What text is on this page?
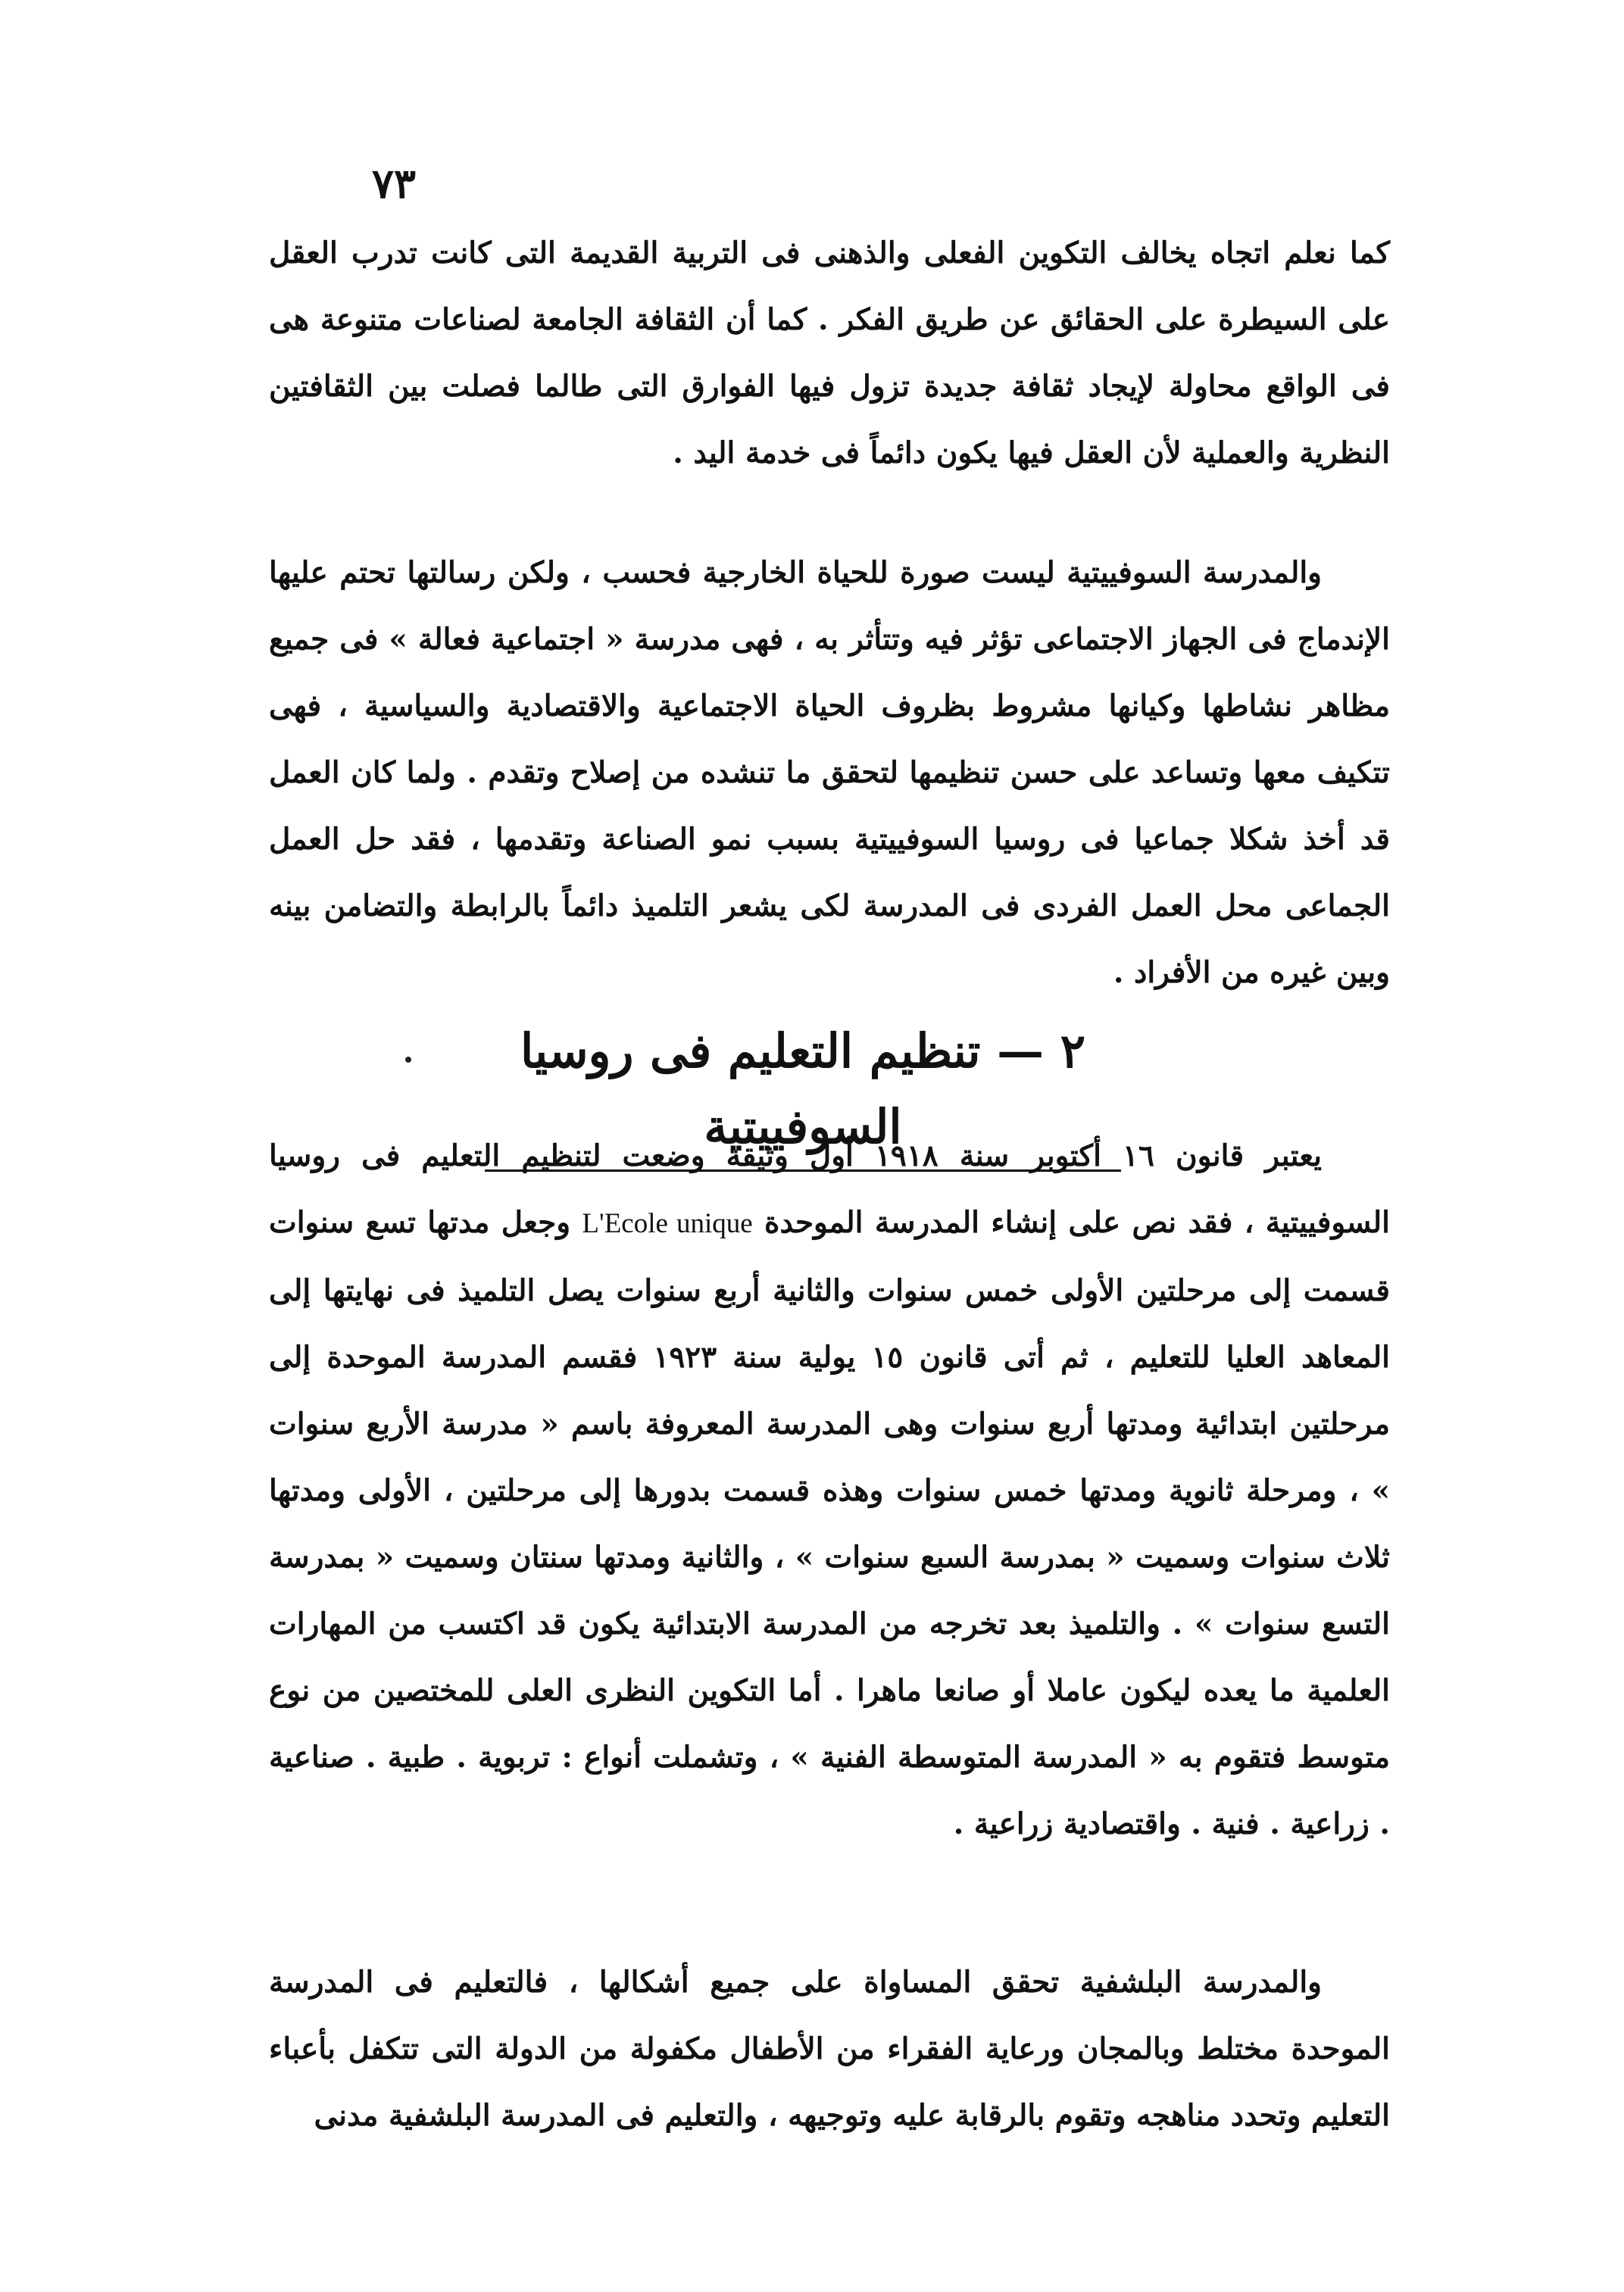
٧٣

كما نعلم اتجاه يخالف التكوين الفعلى والذهنى فى التربية القديمة التى كانت تدرب العقل على السيطرة على الحقائق عن طريق الفكر . كما أن الثقافة الجامعة لصناعات متنوعة هى فى الواقع محاولة لإيجاد ثقافة جديدة تزول فيها الفوارق التى طالما فصلت بين الثقافتين النظرية والعملية لأن العقل فيها يكون دائماً فى خدمة اليد .

والمدرسة السوفييتية ليست صورة للحياة الخارجية فحسب ، ولكن رسالتها تحتم عليها الإندماج فى الجهاز الاجتماعى تؤثر فيه وتتأثر به ، فهى مدرسة « اجتماعية فعالة » فى جميع مظاهر نشاطها وكيانها مشروط بظروف الحياة الاجتماعية والاقتصادية والسياسية ، فهى تتكيف معها وتساعد على حسن تنظيمها لتحقق ما تنشده من إصلاح وتقدم . ولما كان العمل قد أخذ شكلا جماعيا فى روسيا السوفييتية بسبب نمو الصناعة وتقدمها ، فقد حل العمل الجماعى محل العمل الفردى فى المدرسة لكى يشعر التلميذ دائماً بالرابطة والتضامن بينه وبين غيره من الأفراد .

٢ — تنظيم التعليم فى روسيا السوفييتية

يعتبر قانون ١٦ أكتوبر سنة ١٩١٨ أول وثيقة وضعت لتنظيم التعليم فى روسيا السوفييتية ، فقد نص على إنشاء المدرسة الموحدة L'Ecole unique وجعل مدتها تسع سنوات قسمت إلى مرحلتين الأولى خمس سنوات والثانية أربع سنوات يصل التلميذ فى نهايتها إلى المعاهد العليا للتعليم ، ثم أتى قانون ١٥ يولية سنة ١٩٢٣ فقسم المدرسة الموحدة إلى مرحلتين ابتدائية ومدتها أربع سنوات وهى المدرسة المعروفة باسم « مدرسة الأربع سنوات » ، ومرحلة ثانوية ومدتها خمس سنوات وهذه قسمت بدورها إلى مرحلتين ، الأولى ومدتها ثلاث سنوات وسميت « بمدرسة السبع سنوات » ، والثانية ومدتها سنتان وسميت « بمدرسة التسع سنوات » . والتلميذ بعد تخرجه من المدرسة الابتدائية يكون قد اكتسب من المهارات العلمية ما يعده ليكون عاملا أو صانعا ماهرا . أما التكوين النظرى العلى للمختصين من نوع متوسط فتقوم به « المدرسة المتوسطة الفنية » ، وتشملت أنواع : تربوية . طبية . صناعية . زراعية . فنية . واقتصادية زراعية .

والمدرسة البلشفية تحقق المساواة على جميع أشكالها ، فالتعليم فى المدرسة الموحدة مختلط وبالمجان ورعاية الفقراء من الأطفال مكفولة من الدولة التى تتكفل بأعباء التعليم وتحدد مناهجه وتقوم بالرقابة عليه وتوجيهه ، والتعليم فى المدرسة البلشفية مدنى
